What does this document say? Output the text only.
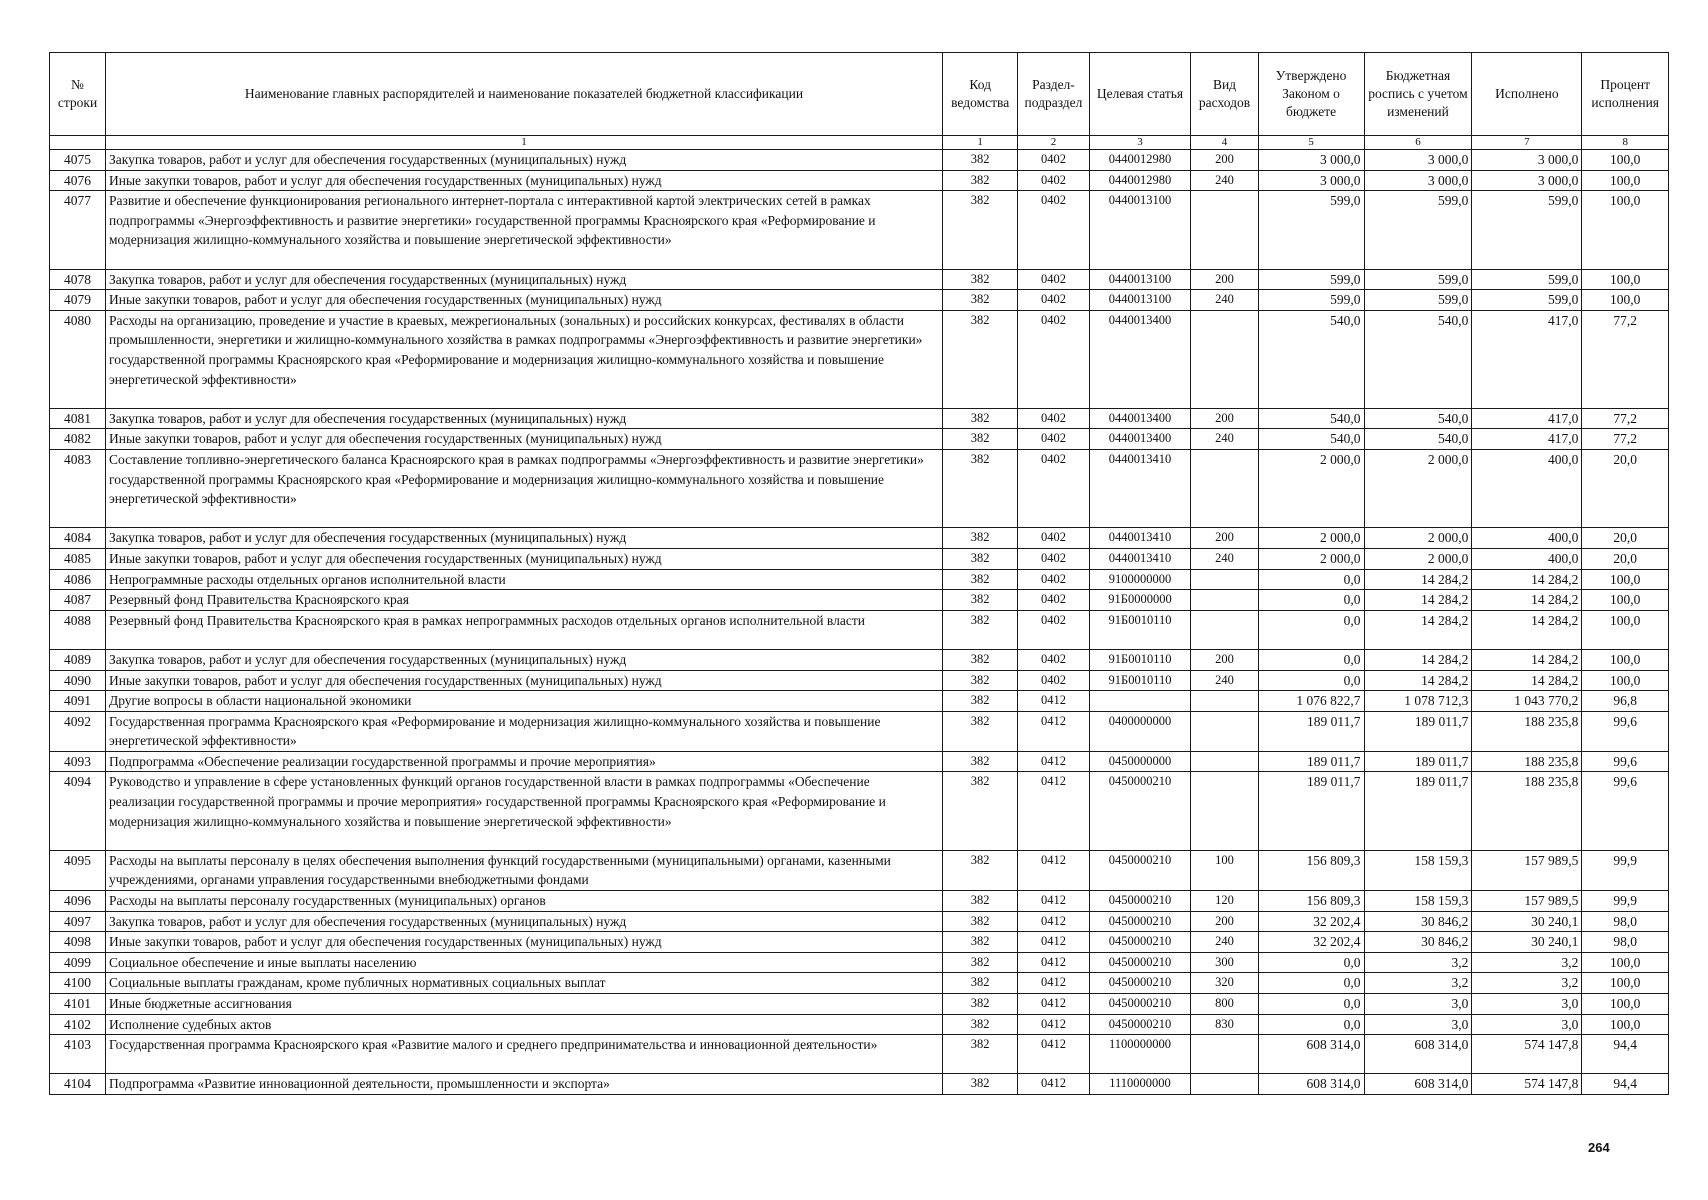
№ строки	Наименование главных распорядителей и наименование показателей бюджетной классификации	Код ведомства	Раздел-подраздел	Целевая статья	Вид расходов	Утверждено Законом о бюджете	Бюджетная роспись с учетом изменений	Исполнено	Процент исполнения
	1	1	2	3	4	5	6	7	8
4075	Закупка товаров, работ и услуг для обеспечения государственных (муниципальных) нужд	382	0402	0440012980	200	3 000,0	3 000,0	3 000,0	100,0
4076	Иные закупки товаров, работ и услуг для обеспечения государственных (муниципальных) нужд	382	0402	0440012980	240	3 000,0	3 000,0	3 000,0	100,0
4077	Развитие и обеспечение функционирования регионального интернет-портала с интерактивной картой электрических сетей в рамках подпрограммы «Энергоэффективность и развитие энергетики» государственной программы Красноярского края «Реформирование и модернизация жилищно-коммунального хозяйства и повышение энергетической эффективности»	382	0402	0440013100		599,0	599,0	599,0	100,0
4078	Закупка товаров, работ и услуг для обеспечения государственных (муниципальных) нужд	382	0402	0440013100	200	599,0	599,0	599,0	100,0
4079	Иные закупки товаров, работ и услуг для обеспечения государственных (муниципальных) нужд	382	0402	0440013100	240	599,0	599,0	599,0	100,0
4080	Расходы на организацию, проведение и участие в краевых, межрегиональных (зональных) и российских конкурсах, фестивалях в области промышленности, энергетики и жилищно-коммунального хозяйства в рамках подпрограммы «Энергоэффективность и развитие энергетики» государственной программы Красноярского края «Реформирование и модернизация жилищно-коммунального хозяйства и повышение энергетической эффективности»	382	0402	0440013400		540,0	540,0	417,0	77,2
4081	Закупка товаров, работ и услуг для обеспечения государственных (муниципальных) нужд	382	0402	0440013400	200	540,0	540,0	417,0	77,2
4082	Иные закупки товаров, работ и услуг для обеспечения государственных (муниципальных) нужд	382	0402	0440013400	240	540,0	540,0	417,0	77,2
4083	Составление топливно-энергетического баланса Красноярского края в рамках подпрограммы «Энергоэффективность и развитие энергетики» государственной программы Красноярского края «Реформирование и модернизация жилищно-коммунального хозяйства и повышение энергетической эффективности»	382	0402	0440013410		2 000,0	2 000,0	400,0	20,0
4084	Закупка товаров, работ и услуг для обеспечения государственных (муниципальных) нужд	382	0402	0440013410	200	2 000,0	2 000,0	400,0	20,0
4085	Иные закупки товаров, работ и услуг для обеспечения государственных (муниципальных) нужд	382	0402	0440013410	240	2 000,0	2 000,0	400,0	20,0
4086	Непрограммные расходы отдельных органов исполнительной власти	382	0402	9100000000		0,0	14 284,2	14 284,2	100,0
4087	Резервный фонд Правительства Красноярского края	382	0402	91Б0000000		0,0	14 284,2	14 284,2	100,0
4088	Резервный фонд Правительства Красноярского края в рамках непрограммных расходов отдельных органов исполнительной власти	382	0402	91Б0010110		0,0	14 284,2	14 284,2	100,0
4089	Закупка товаров, работ и услуг для обеспечения государственных (муниципальных) нужд	382	0402	91Б0010110	200	0,0	14 284,2	14 284,2	100,0
4090	Иные закупки товаров, работ и услуг для обеспечения государственных (муниципальных) нужд	382	0402	91Б0010110	240	0,0	14 284,2	14 284,2	100,0
4091	Другие вопросы в области национальной экономики	382	0412			1 076 822,7	1 078 712,3	1 043 770,2	96,8
4092	Государственная программа Красноярского края «Реформирование и модернизация жилищно-коммунального хозяйства и повышение энергетической эффективности»	382	0412	0400000000		189 011,7	189 011,7	188 235,8	99,6
4093	Подпрограмма «Обеспечение реализации государственной программы и прочие мероприятия»	382	0412	0450000000		189 011,7	189 011,7	188 235,8	99,6
4094	Руководство и управление в сфере установленных функций органов государственной власти в рамках подпрограммы «Обеспечение реализации государственной программы и прочие мероприятия» государственной программы Красноярского края «Реформирование и модернизация жилищно-коммунального хозяйства и повышение энергетической эффективности»	382	0412	0450000210		189 011,7	189 011,7	188 235,8	99,6
4095	Расходы на выплаты персоналу в целях обеспечения выполнения функций государственными (муниципальными) органами, казенными учреждениями, органами управления государственными внебюджетными фондами	382	0412	0450000210	100	156 809,3	158 159,3	157 989,5	99,9
4096	Расходы на выплаты персоналу государственных (муниципальных) органов	382	0412	0450000210	120	156 809,3	158 159,3	157 989,5	99,9
4097	Закупка товаров, работ и услуг для обеспечения государственных (муниципальных) нужд	382	0412	0450000210	200	32 202,4	30 846,2	30 240,1	98,0
4098	Иные закупки товаров, работ и услуг для обеспечения государственных (муниципальных) нужд	382	0412	0450000210	240	32 202,4	30 846,2	30 240,1	98,0
4099	Социальное обеспечение и иные выплаты населению	382	0412	0450000210	300	0,0	3,2	3,2	100,0
4100	Социальные выплаты гражданам, кроме публичных нормативных социальных выплат	382	0412	0450000210	320	0,0	3,2	3,2	100,0
4101	Иные бюджетные ассигнования	382	0412	0450000210	800	0,0	3,0	3,0	100,0
4102	Исполнение судебных актов	382	0412	0450000210	830	0,0	3,0	3,0	100,0
4103	Государственная программа Красноярского края «Развитие малого и среднего предпринимательства и инновационной деятельности»	382	0412	1100000000		608 314,0	608 314,0	574 147,8	94,4
4104	Подпрограмма «Развитие инновационной деятельности, промышленности и экспорта»	382	0412	1110000000		608 314,0	608 314,0	574 147,8	94,4
264
